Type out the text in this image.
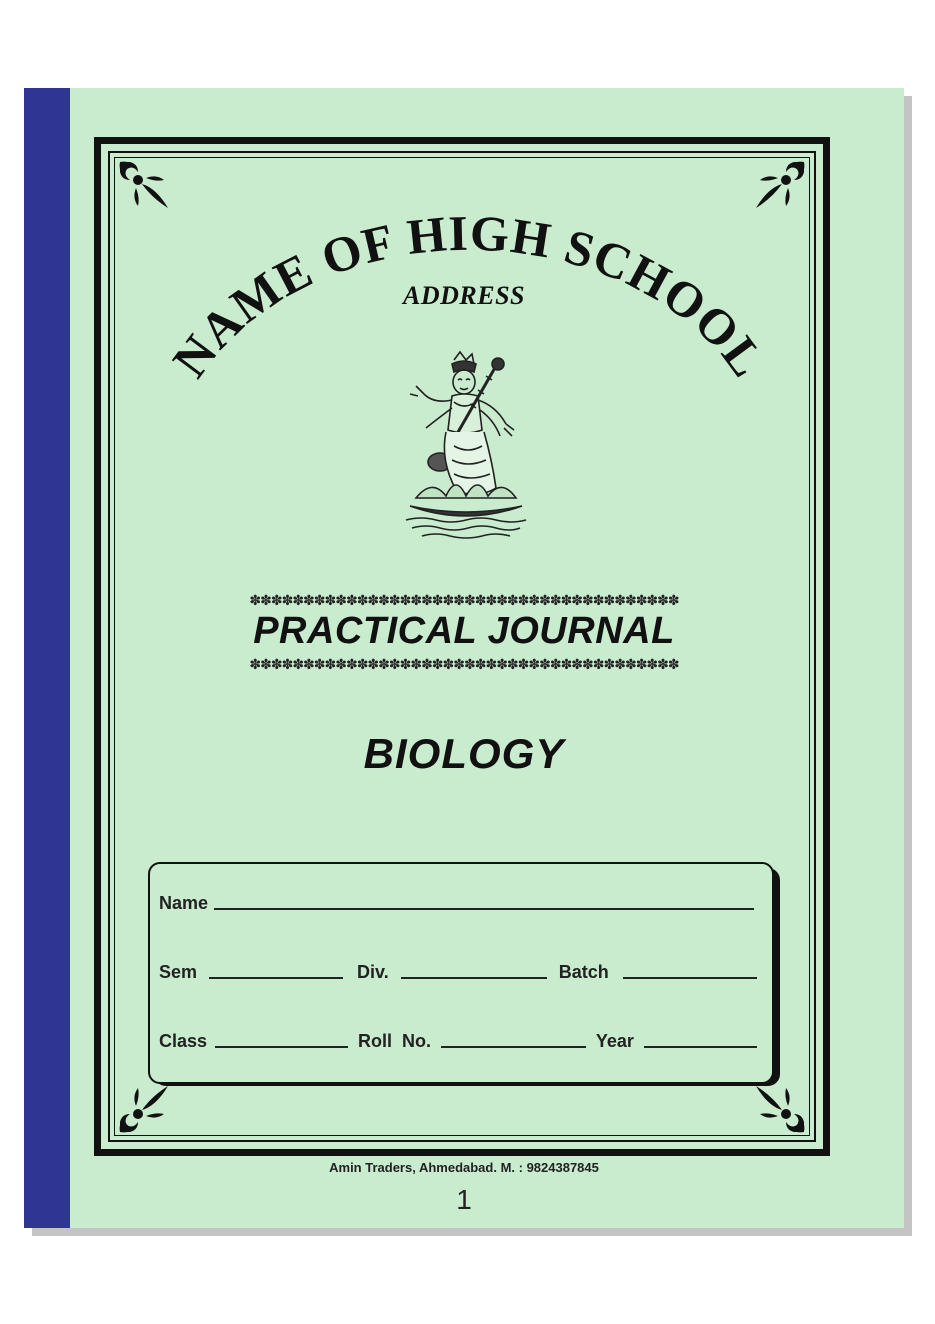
NAME OF HIGH SCHOOL
ADDRESS
✽✽✽✽✽✽✽✽✽✽✽✽✽✽✽✽✽✽✽✽✽✽✽✽✽✽✽✽✽✽✽✽✽✽✽✽✽✽✽✽
PRACTICAL JOURNAL
✽✽✽✽✽✽✽✽✽✽✽✽✽✽✽✽✽✽✽✽✽✽✽✽✽✽✽✽✽✽✽✽✽✽✽✽✽✽✽✽
BIOLOGY
Name
Sem	Div.	Batch
Class	Roll  No.	Year
Amin Traders, Ahmedabad. M. : 9824387845
1
